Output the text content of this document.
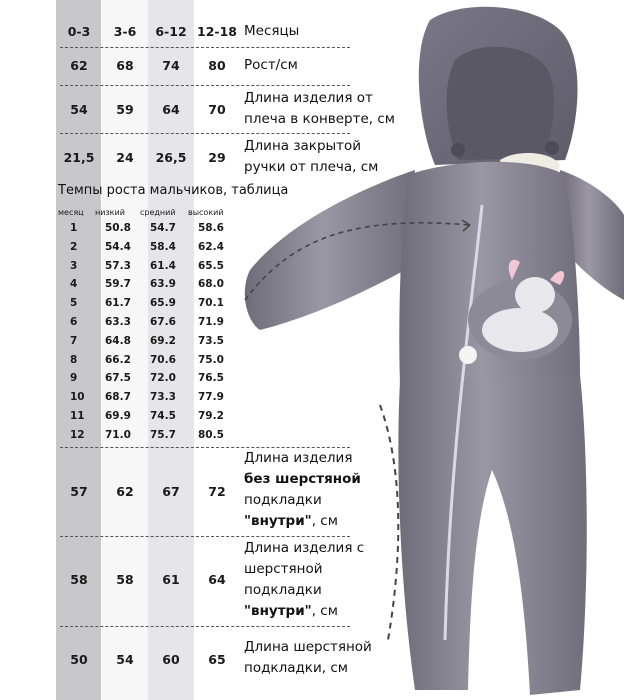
0-3	3-6	6-12 12-18 Месяцы
62	68	74	80	Рост/см
54	59	64	70
Длина изделия от
плеча в конверте, см
21,5	24	26,5	29
Длина закрытой
ручки от плеча, см
Темпы роста мальчиков, таблица
месяц низкий средний высокий
1	50.8 54.7 58.6
2	54.4 58.4 62.4
3	57.3 61.4 65.5
4	59.7 63.9 68.0
5	61.7 65.9 70.1
6	63.3 67.6 71.9
7	64.8 69.2 73.5
8	66.2 70.6 75.0
9	67.5 72.0 76.5
10 68.7 73.3 77.9
11 69.9 74.5 79.2
12 71.0 75.7 80.5
57	62	67	72
Длина изделия
без шерстяной
подкладки
"внутри", см
58	58	61	64
Длина изделия с
шерстяной
подкладки
"внутри", см
50	54	60	65
Длина шерстяной
подкладки, см
